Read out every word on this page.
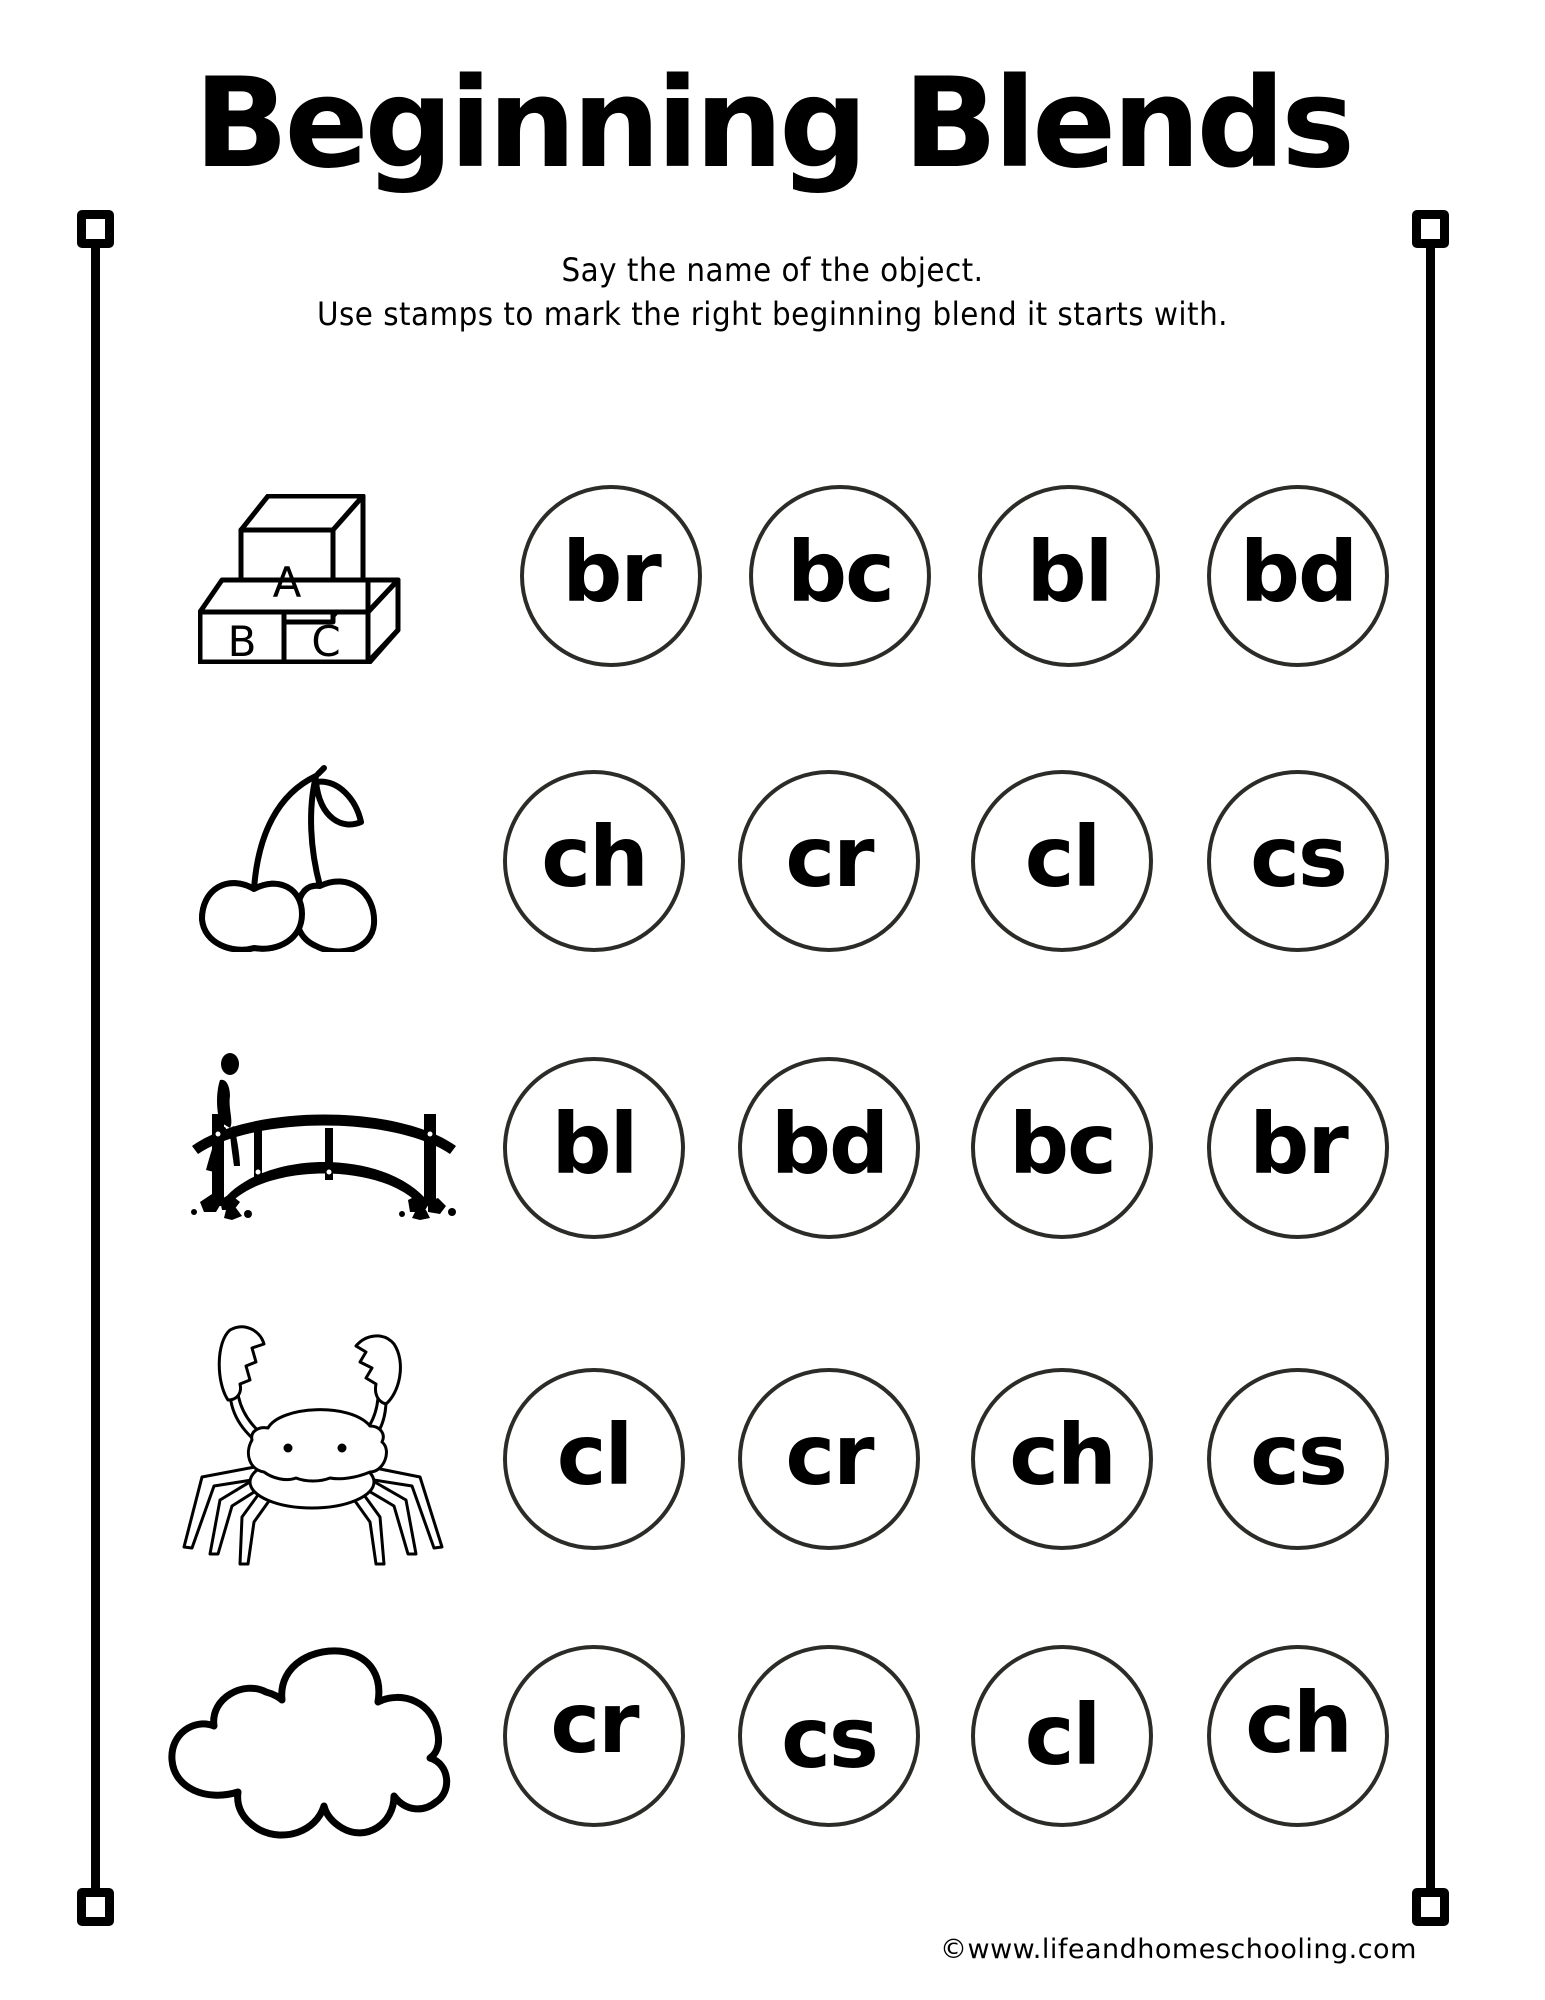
Beginning Blends
Say the name of the object.
Use stamps to mark the right beginning blend it starts with.
A
B C
br bc bl bd
ch cr cl cs
bl bd bc br
cl cr ch cs
cr cs cl ch
©www.lifeandhomeschooling.com
